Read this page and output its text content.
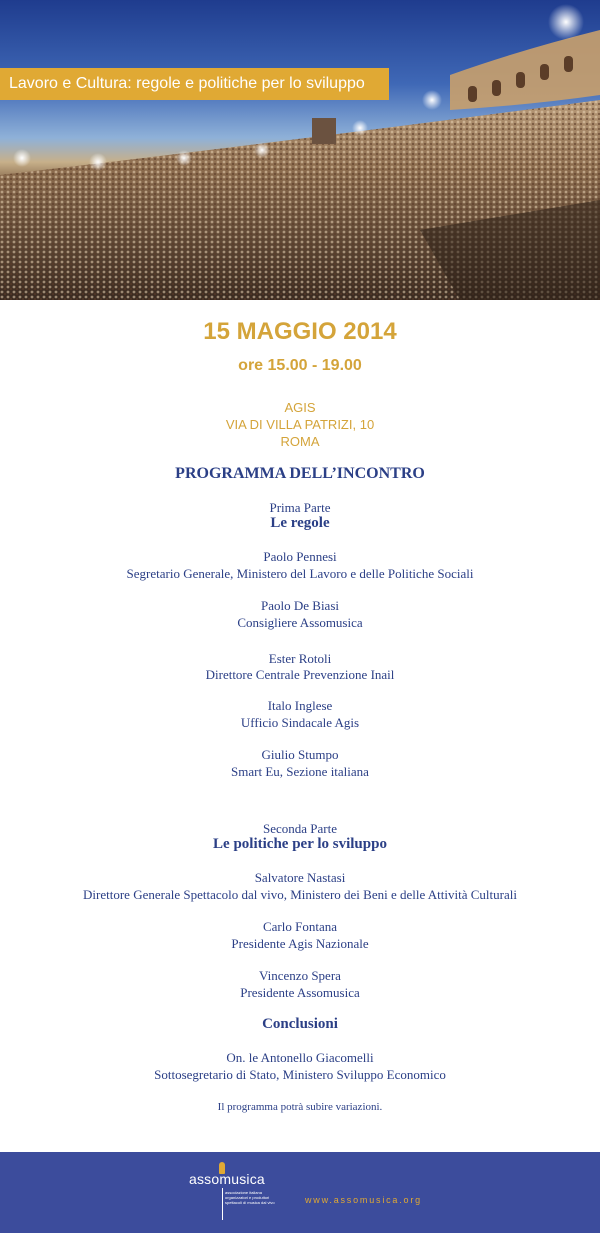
Lavoro e Cultura: regole e politiche per lo sviluppo
15 MAGGIO 2014
ore 15.00 - 19.00
AGIS
VIA DI VILLA PATRIZI, 10
ROMA
PROGRAMMA DELL’INCONTRO
Prima Parte
Le regole
Paolo Pennesi
Segretario Generale, Ministero del Lavoro e delle Politiche Sociali
Paolo De Biasi
Consigliere Assomusica
Ester Rotoli
Direttore Centrale Prevenzione Inail
Italo Inglese
Ufficio Sindacale Agis
Giulio Stumpo
Smart Eu, Sezione italiana
Seconda Parte
Le politiche per lo sviluppo
Salvatore Nastasi
Direttore Generale Spettacolo dal vivo, Ministero dei Beni e delle Attività Culturali
Carlo Fontana
Presidente Agis Nazionale
Vincenzo Spera
Presidente Assomusica
Conclusioni
On. le Antonello Giacomelli
Sottosegretario di Stato, Ministero Sviluppo Economico
Il programma potrà subire variazioni.
assomusica
associazione italiana organizzatori e produttori spettacoli di musica dal vivo	www.assomusica.org
